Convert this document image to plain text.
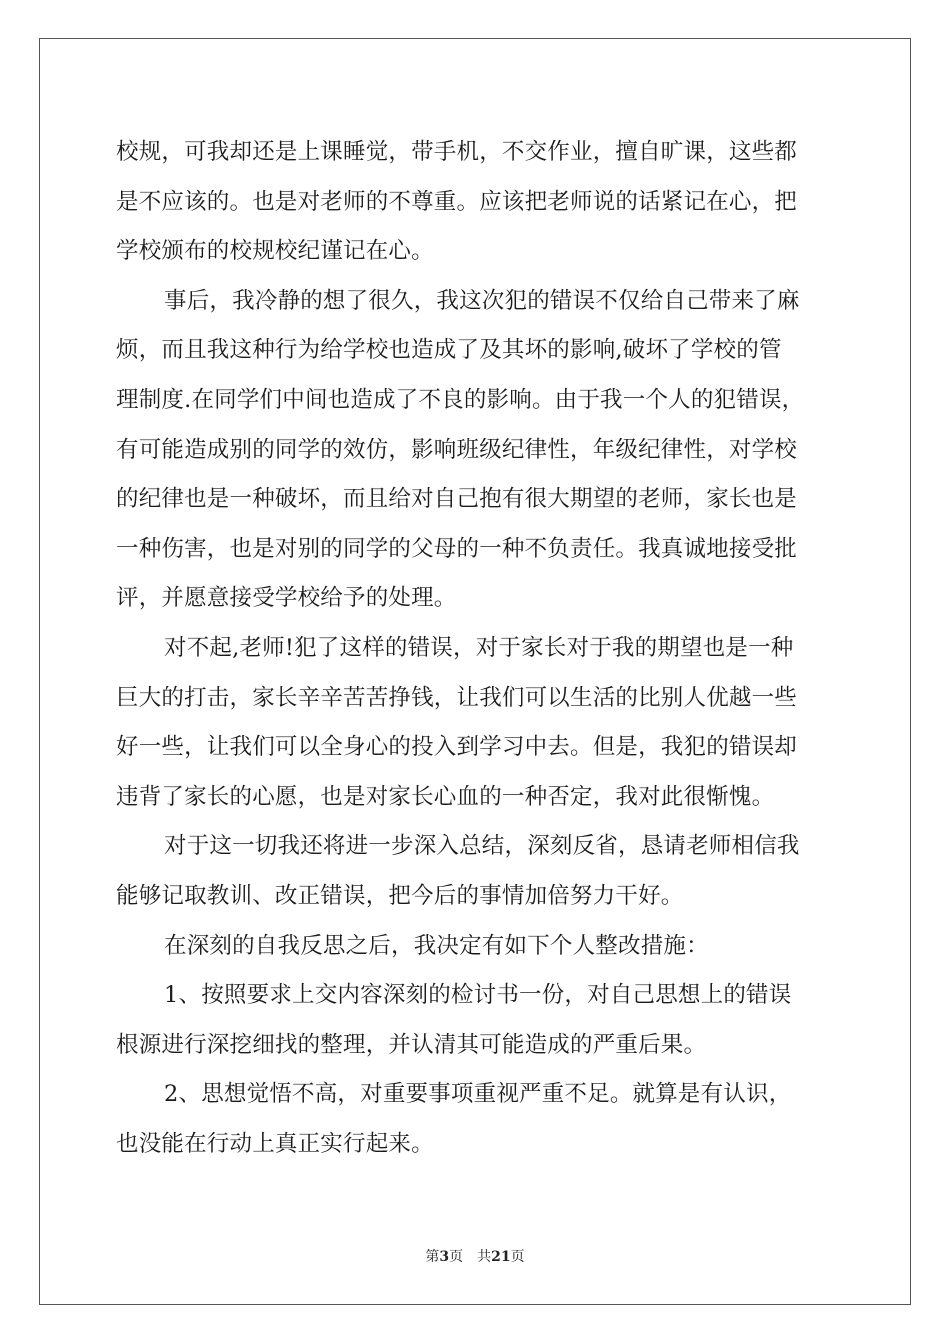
校规，可我却还是上课睡觉，带手机，不交作业，擅自旷课，这些都
是不应该的。也是对老师的不尊重。应该把老师说的话紧记在心，把
学校颁布的校规校纪谨记在心。
事后，我冷静的想了很久，我这次犯的错误不仅给自己带来了麻
烦，而且我这种行为给学校也造成了及其坏的影响,破坏了学校的管
理制度.在同学们中间也造成了不良的影响。由于我一个人的犯错误，
有可能造成别的同学的效仿，影响班级纪律性，年级纪律性，对学校
的纪律也是一种破坏，而且给对自己抱有很大期望的老师，家长也是
一种伤害，也是对别的同学的父母的一种不负责任。我真诚地接受批
评，并愿意接受学校给予的处理。
对不起,老师!犯了这样的错误，对于家长对于我的期望也是一种
巨大的打击，家长辛辛苦苦挣钱，让我们可以生活的比别人优越一些
好一些，让我们可以全身心的投入到学习中去。但是，我犯的错误却
违背了家长的心愿，也是对家长心血的一种否定，我对此很惭愧。
对于这一切我还将进一步深入总结，深刻反省，恳请老师相信我
能够记取教训、改正错误，把今后的事情加倍努力干好。
在深刻的自我反思之后，我决定有如下个人整改措施：
1、按照要求上交内容深刻的检讨书一份，对自己思想上的错误
根源进行深挖细找的整理，并认清其可能造成的严重后果。
2、思想觉悟不高，对重要事项重视严重不足。就算是有认识，
也没能在行动上真正实行起来。
第3页 共21页
